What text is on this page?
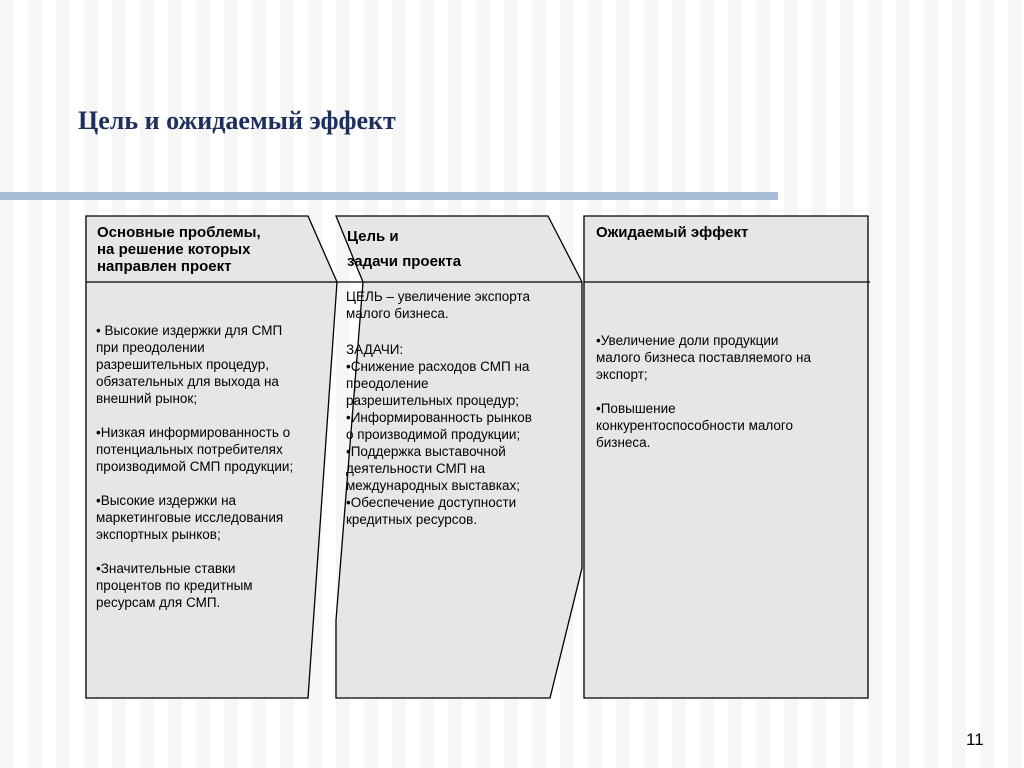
Цель и ожидаемый эффект
Основные проблемы,
на решение которых
направлен проект
• Высокие издержки для СМП
при преодолении
разрешительных процедур,
обязательных для выхода на
внешний рынок;

•Низкая информированность о
потенциальных потребителях
производимой СМП продукции;

•Высокие издержки на
маркетинговые исследования
экспортных рынков;

•Значительные ставки
процентов по кредитным
ресурсам для СМП.
Цель и
задачи проекта
ЦЕЛЬ – увеличение экспорта
малого бизнеса.
ЗАДАЧИ:
•Снижение расходов СМП на
преодоление
разрешительных процедур;
•Информированность рынков
о производимой продукции;
•Поддержка выставочной
деятельности СМП на
международных выставках;
•Обеспечение доступности
кредитных ресурсов.
Ожидаемый эффект
•Увеличение доли продукции
малого бизнеса поставляемого на
экспорт;

•Повышение
конкурентоспособности малого
бизнеса.
11
